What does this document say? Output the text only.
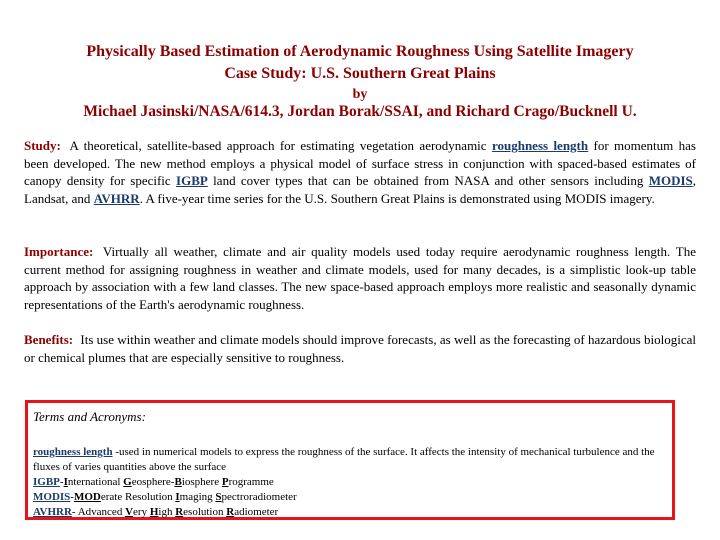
Physically Based Estimation of Aerodynamic Roughness Using Satellite Imagery
Case Study: U.S. Southern Great Plains
by
Michael Jasinski/NASA/614.3, Jordan Borak/SSAI, and Richard Crago/Bucknell U.
Study: A theoretical, satellite-based approach for estimating vegetation aerodynamic roughness length for momentum has been developed. The new method employs a physical model of surface stress in conjunction with spaced-based estimates of canopy density for specific IGBP land cover types that can be obtained from NASA and other sensors including MODIS, Landsat, and AVHRR. A five-year time series for the U.S. Southern Great Plains is demonstrated using MODIS imagery.
Importance: Virtually all weather, climate and air quality models used today require aerodynamic roughness length. The current method for assigning roughness in weather and climate models, used for many decades, is a simplistic look-up table approach by association with a few land classes. The new space-based approach employs more realistic and seasonally dynamic representations of the Earth's aerodynamic roughness.
Benefits: Its use within weather and climate models should improve forecasts, as well as the forecasting of hazardous biological or chemical plumes that are especially sensitive to roughness.
Terms and Acronyms:
roughness length -used in numerical models to express the roughness of the surface. It affects the intensity of mechanical turbulence and the fluxes of varies quantities above the surface
IGBP-International Geosphere-Biosphere Programme
MODIS-MODerate Resolution Imaging Spectroradiometer
AVHRR- Advanced Very High Resolution Radiometer
